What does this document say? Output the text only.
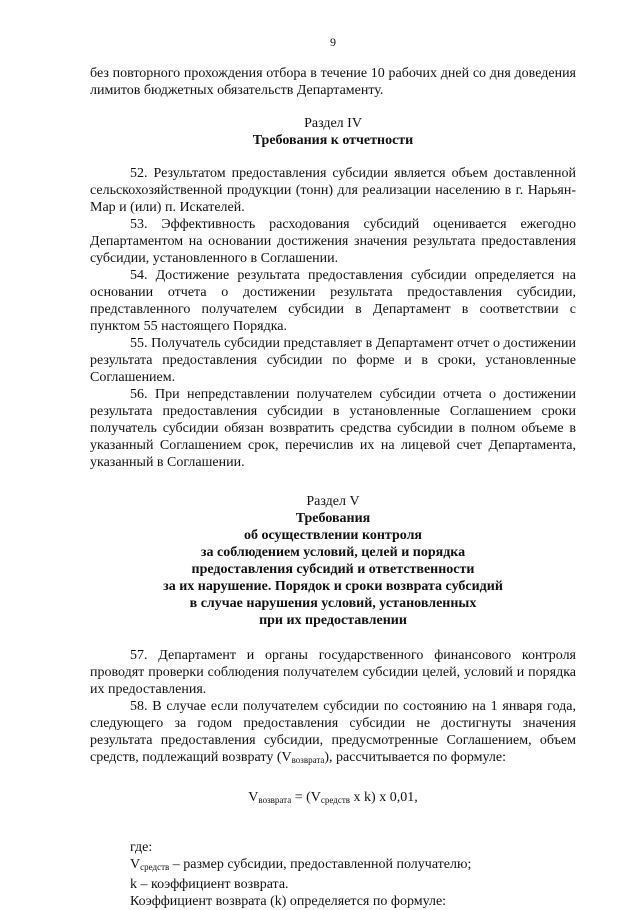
9

без повторного прохождения отбора в течение 10 рабочих дней со дня доведения лимитов бюджетных обязательств Департаменту.

Раздел IV
Требования к отчетности

52. Результатом предоставления субсидии является объем доставленной сельскохозяйственной продукции (тонн) для реализации населению в г. Нарьян-Мар и (или) п. Искателей.

53. Эффективность расходования субсидий оценивается ежегодно Департаментом на основании достижения значения результата предоставления субсидии, установленного в Соглашении.

54. Достижение результата предоставления субсидии определяется на основании отчета о достижении результата предоставления субсидии, представленного получателем субсидии в Департамент в соответствии с пунктом 55 настоящего Порядка.

55. Получатель субсидии представляет в Департамент отчет о достижении результата предоставления субсидии по форме и в сроки, установленные Соглашением.

56. При непредставлении получателем субсидии отчета о достижении результата предоставления субсидии в установленные Соглашением сроки получатель субсидии обязан возвратить средства субсидии в полном объеме в указанный Соглашением срок, перечислив их на лицевой счет Департамента, указанный в Соглашении.

Раздел V
Требования
об осуществлении контроля
за соблюдением условий, целей и порядка
предоставления субсидий и ответственности
за их нарушение. Порядок и сроки возврата субсидий
в случае нарушения условий, установленных
при их предоставлении

57. Департамент и органы государственного финансового контроля проводят проверки соблюдения получателем субсидии целей, условий и порядка их предоставления.

58. В случае если получателем субсидии по состоянию на 1 января года, следующего за годом предоставления субсидии не достигнуты значения результата предоставления субсидии, предусмотренные Соглашением, объем средств, подлежащий возврату $(V_{возврата})$, рассчитывается по формуле:

$V_{возврата} = (V_{средств}$ x k) x 0,01,

где:

$V_{средств}$ – размер субсидии, предоставленной получателю;

k – коэффициент возврата.

Коэффициент возврата (k) определяется по формуле:
